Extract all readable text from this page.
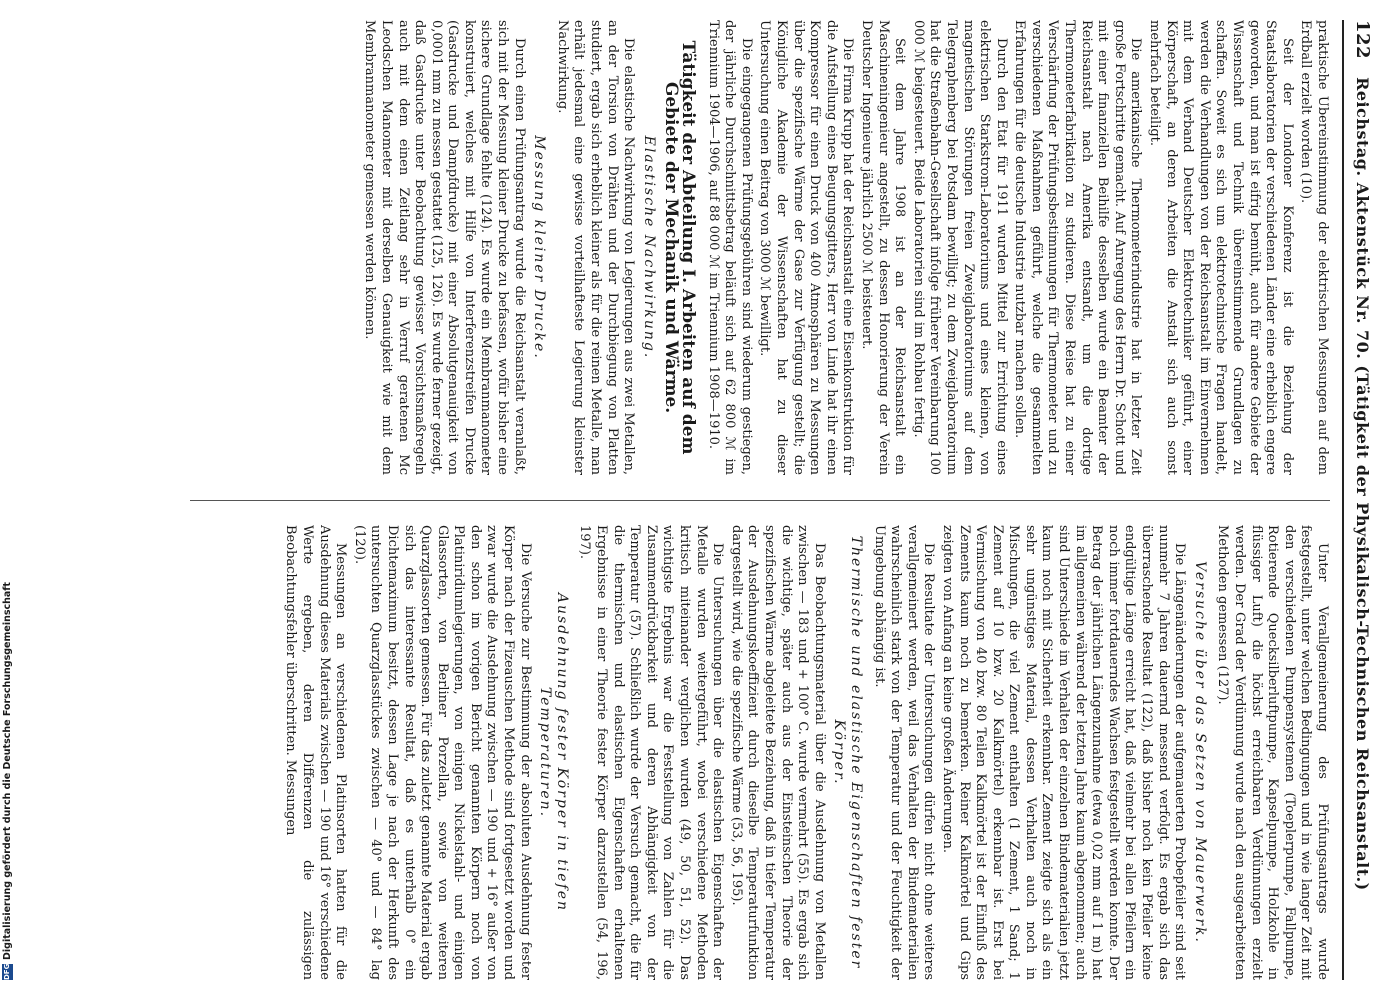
122
Reichstag. Aktenstück Nr. 70. (Tätigkeit der Physikalisch-Technischen Reichsanstalt.)

praktische Übereinstimmung der elektrischen Messungen auf dem Erdball erzielt worden (10).

Seit der Londoner Konferenz ist die Beziehung der Staatslaboratorien der verschiedenen Länder eine erheblich engere geworden, und man ist eifrig bemüht, auch für andere Gebiete der Wissenschaft und Technik übereinstimmende Grundlagen zu schaffen. Soweit es sich um elektrotechnische Fragen handelt, werden die Verhandlungen von der Reichsanstalt im Einvernehmen mit dem Verband Deutscher Elektrotechniker geführt, einer Körperschaft, an deren Arbeiten die Anstalt sich auch sonst mehrfach beteiligt.

Die amerikanische Thermometerindustrie hat in letzter Zeit große Fortschritte gemacht. Auf Anregung des Herrn Dr. Schott und mit einer finanziellen Beihilfe desselben wurde ein Beamter der Reichsanstalt nach Amerika entsandt, um die dortige Thermometerfabrikation zu studieren. Diese Reise hat zu einer Verschärfung der Prüfungsbestimmungen für Thermometer und zu verschiedenen Maßnahmen geführt, welche die gesammelten Erfahrungen für die deutsche Industrie nutzbar machen sollen.

Durch den Etat für 1911 wurden Mittel zur Errichtung eines elektrischen Starkstrom-Laboratoriums und eines kleinen, von magnetischen Störungen freien Zweiglaboratoriums auf dem Telegraphenberg bei Potsdam bewilligt; zu dem Zweiglaboratorium hat die Straßenbahn-Gesellschaft infolge früherer Vereinbarung 100 000 ℳ beigesteuert. Beide Laboratorien sind im Rohbau fertig.

Seit dem Jahre 1908 ist an der Reichsanstalt ein Maschineningenieur angestellt, zu dessen Honorierung der Verein Deutscher Ingenieure jährlich 2500 ℳ beisteuert.

Die Firma Krupp hat der Reichsanstalt eine Eisenkonstruktion für die Aufstellung eines Beugungsgitters, Herr von Linde hat ihr einen Kompressor für einen Druck von 400 Atmosphären zu Messungen über die spezifische Wärme der Gase zur Verfügung gestellt; die Königliche Akademie der Wissenschaften hat zu dieser Untersuchung einen Beitrag von 3000 ℳ bewilligt.

Die eingegangenen Prüfungsgebühren sind wiederum gestiegen, der jährliche Durchschnittsbetrag beläuft sich auf 62 800 ℳ im Triennium 1904—1906, auf 88 000 ℳ im Triennium 1908—1910.

Tätigkeit der Abteilung I. Arbeiten auf dem Gebiete der Mechanik und Wärme.
Elastische Nachwirkung.

Die elastische Nachwirkung von Legierungen aus zwei Metallen, an der Torsion von Drähten und der Durchbiegung von Platten studiert, ergab sich erheblich kleiner als für die reinen Metalle, man erhält jedesmal eine gewisse vorteilhafteste Legierung kleinster Nachwirkung.

Messung kleiner Drucke.

Durch einen Prüfungsantrag wurde die Reichsanstalt veranlaßt, sich mit der Messung kleiner Drucke zu befassen, wofür bisher eine sichere Grundlage fehlte (124). Es wurde ein Membranmanometer konstruiert, welches mit Hilfe von Interferenzstreifen Drucke (Gasdrucke und Dampfdrucke) mit einer Absolutgenauigkeit von 0,0001 mm zu messen gestattet (125, 126). Es wurde ferner gezeigt, daß Gasdrucke unter Beobachtung gewisser Vorsichtsmaßregeln auch mit dem einen Zeitlang sehr in Verruf geratenen Mc Leodschen Manometer mit derselben Genauigkeit wie mit dem Membranmanometer gemessen werden können.

Unter Verallgemeinerung des Prüfungsantrags wurde festgestellt, unter welchen Bedingungen und in wie langer Zeit mit den verschiedenen Pumpensystemen (Toeplerpumpe, Fallpumpe, Rotierende Quecksilberluftpumpe, Kapselpumpe, Holzkohle in flüssiger Luft) die höchst erreichbaren Verdünnungen erzielt werden. Der Grad der Verdünnung wurde nach den ausgearbeiteten Methoden gemessen (127).

Versuche über das Setzen von Mauerwerk.

Die Längenänderungen der aufgemauerten Probepfeiler sind seit nunmehr 7 Jahren dauernd messend verfolgt. Es ergab sich das überraschende Resultat (122), daß bisher noch kein Pfeiler keine endgültige Länge erreicht hat, daß vielmehr bei allen Pfeilern ein noch immer fortdauerndes Wachsen festgestellt werden konnte. Der Betrag der jährlichen Längenzunahme (etwa 0,02 mm auf 1 m) hat im allgemeinen während der letzten Jahre kaum abgenommen; auch sind Unterschiede im Verhalten der einzelnen Bindematerialien jetzt kaum noch mit Sicherheit erkennbar. Zement zeigte sich als ein sehr ungünstiges Material, dessen Verhalten auch noch in Mischungen, die viel Zement enthalten (1 Zement, 1 Sand; 1 Zement auf 10 bzw. 20 Kalkmörtel) erkennbar ist. Erst bei Vermischung von 40 bzw. 80 Teilen Kalkmörtel ist der Einfluß des Zements kaum noch zu bemerken. Reiner Kalkmörtel und Gips zeigten von Anfang an keine großen Änderungen.

Die Resultate der Untersuchungen dürfen nicht ohne weiteres verallgemeinert werden, weil das Verhalten der Bindematerialien wahrscheinlich stark von der Temperatur und der Feuchtigkeit der Umgebung abhängig ist.

Thermische und elastische Eigenschaften fester Körper.

Das Beobachtungsmaterial über die Ausdehnung von Metallen zwischen — 183 und + 100° C. wurde vermehrt (55). Es ergab sich die wichtige, später auch aus der Einsteinschen Theorie der spezifischen Wärme abgeleitete Beziehung, daß in tiefer Temperatur der Ausdehnungskoeffizient durch dieselbe Temperaturfunktion dargestellt wird, wie die spezifische Wärme (53, 56, 195).

Die Untersuchungen über die elastischen Eigenschaften der Metalle wurden weitergeführt, wobei verschiedene Methoden kritisch miteinander verglichen wurden (49, 50, 51, 52). Das wichtigste Ergebnis war die Feststellung von Zahlen für die Zusammendrückbarkeit und deren Abhängigkeit von der Temperatur (57). Schließlich wurde der Versuch gemacht, die für die thermischen und elastischen Eigenschaften erhaltenen Ergebnisse in einer Theorie fester Körper darzustellen (54, 196, 197).

Ausdehnung fester Körper in tiefen Temperaturen.

Die Versuche zur Bestimmung der absoluten Ausdehnung fester Körper nach der Fizeauschen Methode sind fortgesetzt worden und zwar wurde die Ausdehnung zwischen — 190 und + 16° außer von den schon im vorigen Bericht genannten Körpern noch von Platiniridiumlegierungen, von einigen Nickelstahl- und einigen Glassorten, von Berliner Porzellan, sowie von weiteren Quarzglassorten gemessen. Für das zuletzt genannte Material ergab sich das interessante Resultat, daß es unterhalb 0° ein Dichtemaximum besitzt, dessen Lage je nach der Herkunft des untersuchten Quarzglasstückes zwischen — 40° und — 84° lag (120).

Messungen an verschiedenen Platinsorten hatten für die Ausdehnung dieses Materials zwischen — 190 und 16° verschiedene Werte ergeben, deren Differenzen die zulässigen Beobachtungsfehler überschritten. Messungen

DFG
Digitalisierung gefördert durch die Deutsche Forschungsgemeinschaft
